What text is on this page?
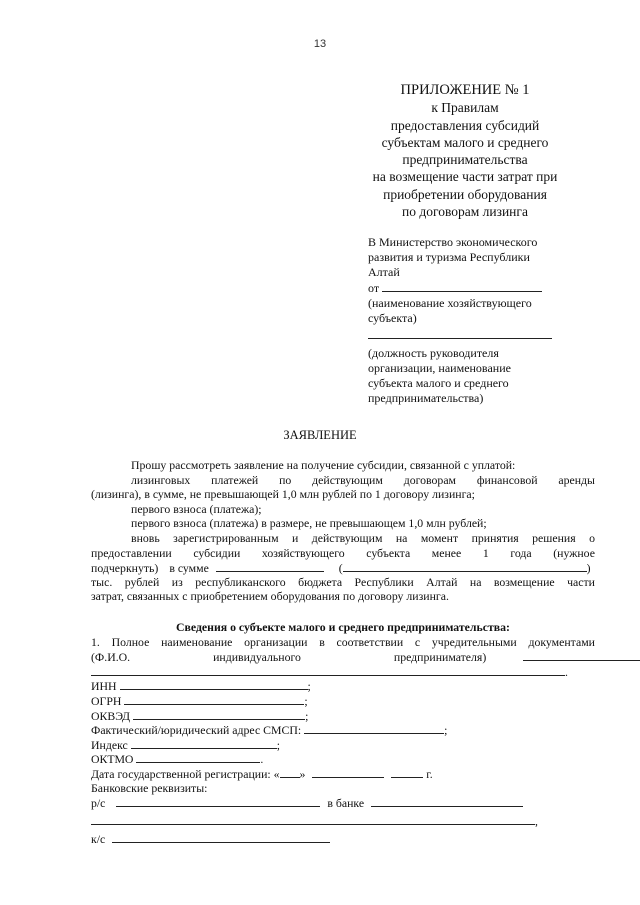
13
ПРИЛОЖЕНИЕ № 1
к Правилам
предоставления субсидий
субъектам малого и среднего
предпринимательства
на возмещение части затрат при
приобретении оборудования
по договорам лизинга
В Министерство экономического
развития и туризма Республики
Алтай
от
(наименование хозяйствующего
субъекта)
(должность руководителя
организации, наименование
субъекта малого и среднего
предпринимательства)
ЗАЯВЛЕНИЕ
Прошу рассмотреть заявление на получение субсидии, связанной с уплатой:
лизинговых платежей по действующим договорам финансовой аренды
(лизинга), в сумме, не превышающей 1,0 млн рублей по 1 договору лизинга;
первого взноса (платежа);
первого взноса (платежа) в размере, не превышающем 1,0 млн рублей;
вновь зарегистрированным и действующим на момент принятия решения о
предоставлении субсидии хозяйствующего субъекта менее 1 года (нужное
подчеркнуть) в сумме	(	)
тыс. рублей из республиканского бюджета Республики Алтай на возмещение части
затрат, связанных с приобретением оборудования по договору лизинга.
Сведения о субъекте малого и среднего предпринимательства:
1. Полное наименование организации в соответствии с учредительными документами
(Ф.И.О.	индивидуального	предпринимателя)
.
ИНН	;
ОГРН	;
ОКВЭД	;
Фактический/юридический адрес СМСП:	;
Индекс	;
ОКТМО	.
Дата государственной регистрации: « »	г.
Банковские реквизиты:
р/с	в банке
,
к/с
